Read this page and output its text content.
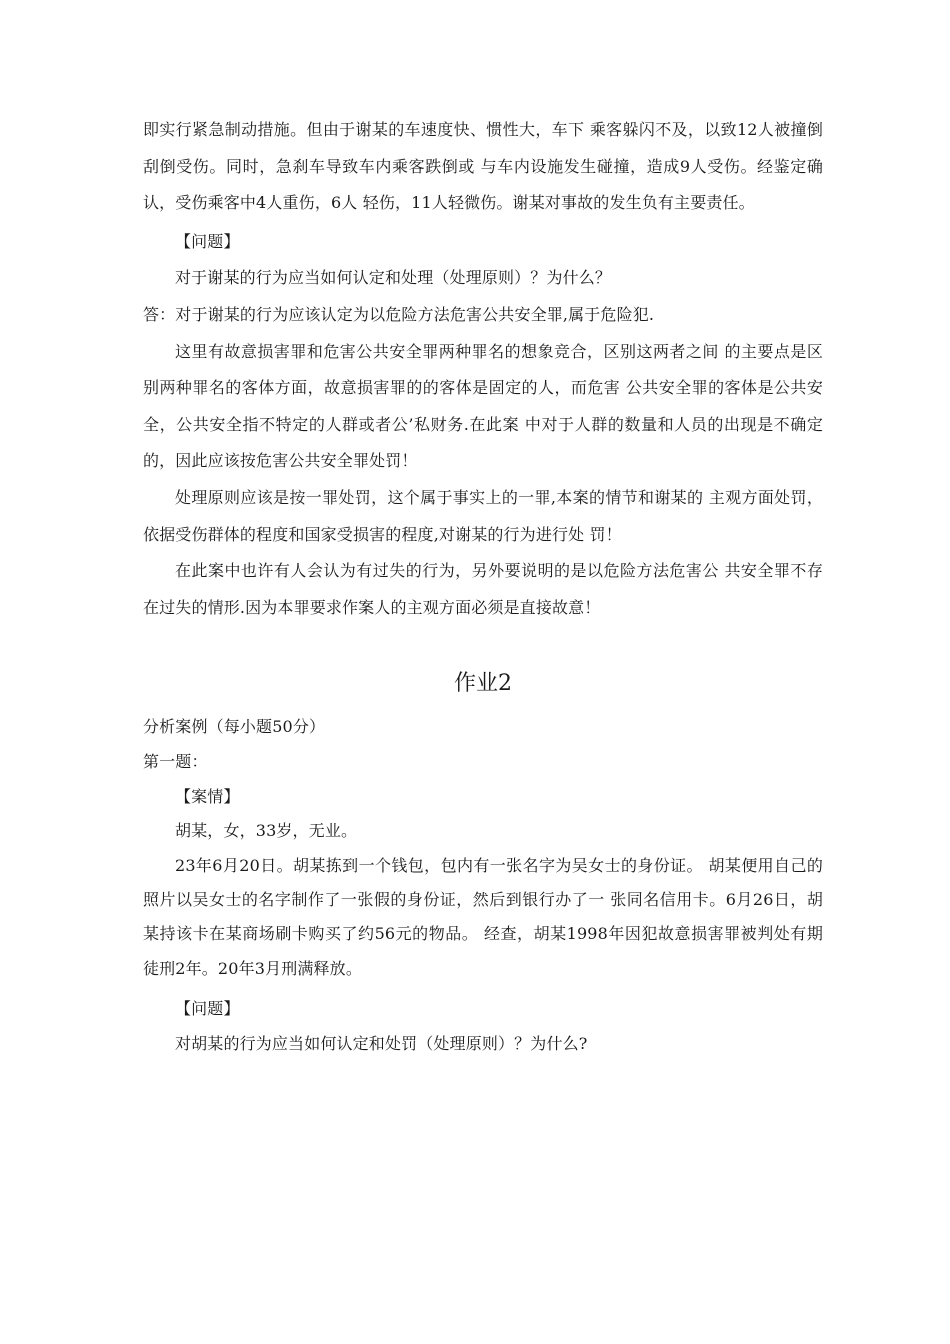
即实行紧急制动措施。但由于谢某的车速度快、惯性大，车下 乘客躲闪不及，以致12人被撞倒刮倒受伤。同时，急刹车导致车内乘客跌倒或 与车内设施发生碰撞，造成9人受伤。经鉴定确认，受伤乘客中4人重伤，6人 轻伤，11人轻微伤。谢某对事故的发生负有主要责任。

【问题】

对于谢某的行为应当如何认定和处理（处理原则）？为什么？

答：对于谢某的行为应该认定为以危险方法危害公共安全罪,属于危险犯.

这里有故意损害罪和危害公共安全罪两种罪名的想象竞合，区别这两者之间 的主要点是区别两种罪名的客体方面，故意损害罪的的客体是固定的人，而危害 公共安全罪的客体是公共安全，公共安全指不特定的人群或者公’私财务.在此案 中对于人群的数量和人员的出现是不确定的，因此应该按危害公共安全罪处罚！

处理原则应该是按一罪处罚，这个属于事实上的一罪,本案的情节和谢某的 主观方面处罚，依据受伤群体的程度和国家受损害的程度,对谢某的行为进行处 罚！

在此案中也许有人会认为有过失的行为，另外要说明的是以危险方法危害公 共安全罪不存在过失的情形.因为本罪要求作案人的主观方面必须是直接故意！

作业2

分析案例（每小题50分）

第一题：

【案情】

胡某，女，33岁，无业。

23年6月20日。胡某拣到一个钱包，包内有一张名字为吴女士的身份证。 胡某便用自己的照片以吴女士的名字制作了一张假的身份证，然后到银行办了一 张同名信用卡。6月26日，胡某持该卡在某商场刷卡购买了约56元的物品。 经查，胡某1998年因犯故意损害罪被判处有期徒刑2年。20年3月刑满释放。

【问题】

对胡某的行为应当如何认定和处罚（处理原则）？为什么?
